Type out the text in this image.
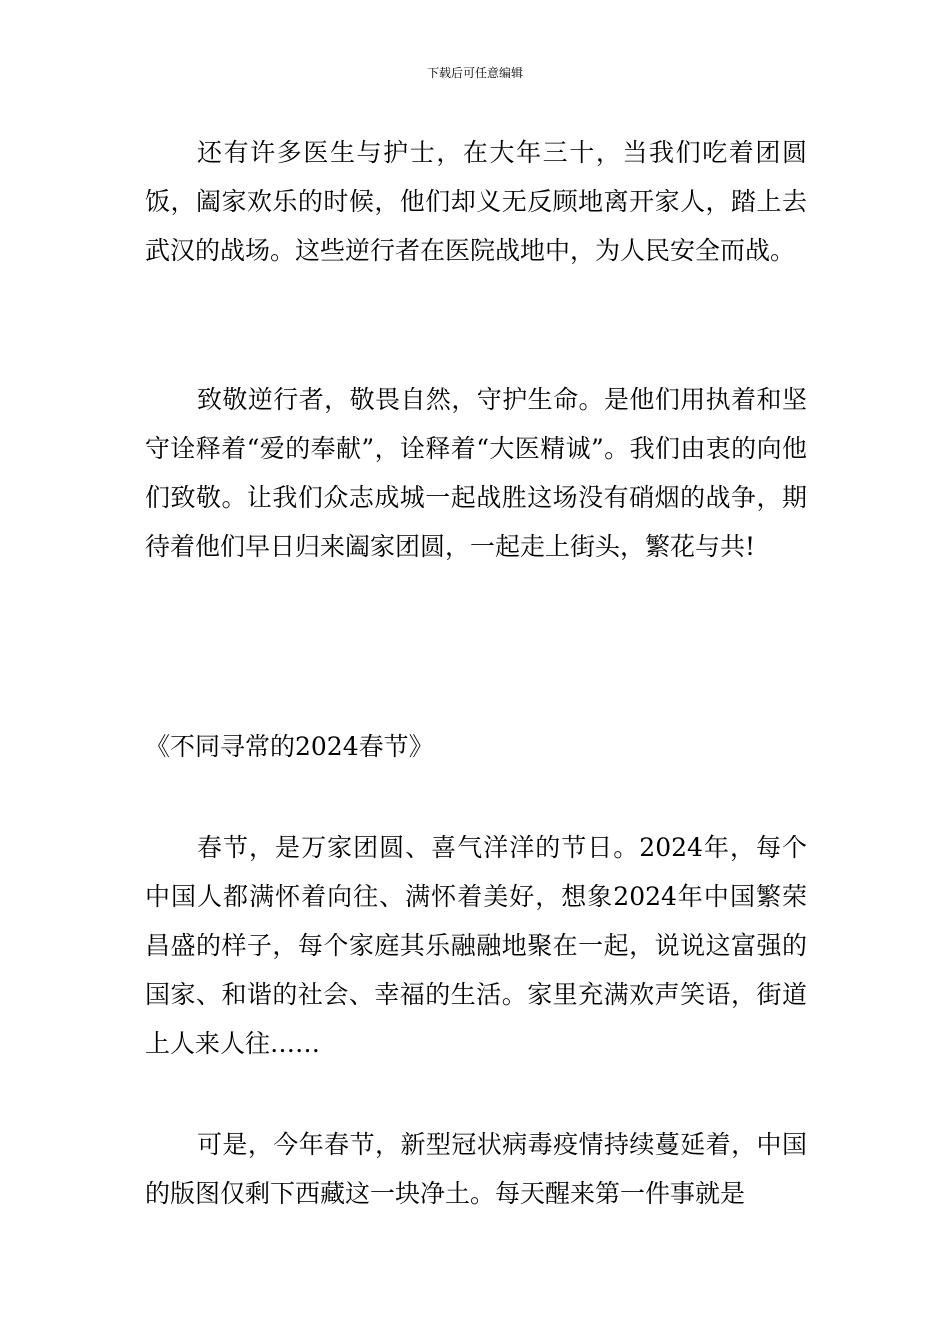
下载后可任意编辑

还有许多医生与护士，在大年三十，当我们吃着团圆饭，阖家欢乐的时候，他们却义无反顾地离开家人，踏上去武汉的战场。这些逆行者在医院战地中，为人民安全而战。

致敬逆行者，敬畏自然，守护生命。是他们用执着和坚守诠释着“爱的奉献”，诠释着“大医精诚”。我们由衷的向他们致敬。让我们众志成城一起战胜这场没有硝烟的战争，期待着他们早日归来阖家团圆，一起走上街头，繁花与共!

《不同寻常的2024春节》

春节，是万家团圆、喜气洋洋的节日。2024年，每个中国人都满怀着向往、满怀着美好，想象2024年中国繁荣昌盛的样子，每个家庭其乐融融地聚在一起，说说这富强的国家、和谐的社会、幸福的生活。家里充满欢声笑语，街道上人来人往……

可是，今年春节，新型冠状病毒疫情持续蔓延着，中国的版图仅剩下西藏这一块净土。每天醒来第一件事就是
